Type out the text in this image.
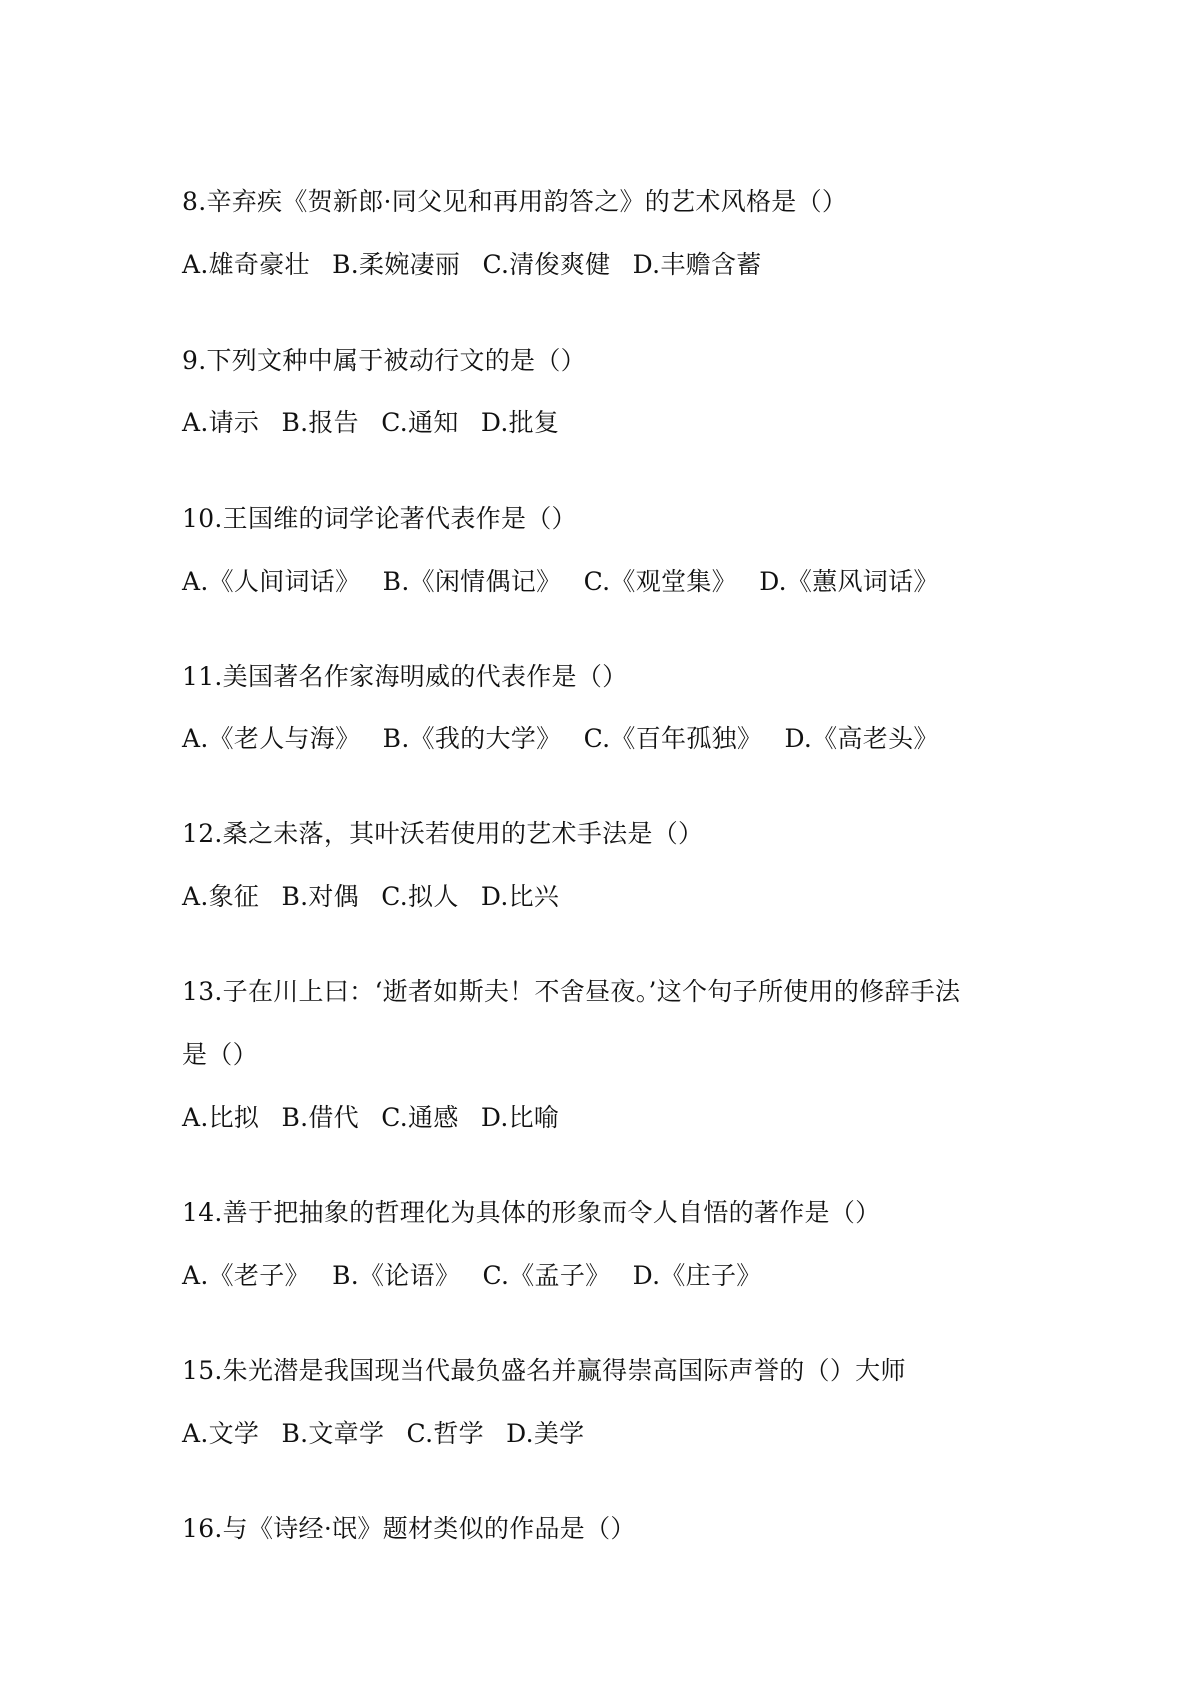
8.辛弃疾《贺新郎·同父见和再用韵答之》的艺术风格是（）
A.雄奇豪壮 B.柔婉凄丽 C.清俊爽健 D.丰赡含蓄
9.下列文种中属于被动行文的是（）
A.请示 B.报告 C.通知 D.批复
10.王国维的词学论著代表作是（）
A.《人间词话》 B.《闲情偶记》 C.《观堂集》 D.《蕙风词话》
11.美国著名作家海明威的代表作是（）
A.《老人与海》 B.《我的大学》 C.《百年孤独》 D.《高老头》
12.桑之未落，其叶沃若使用的艺术手法是（）
A.象征 B.对偶 C.拟人 D.比兴
13.子在川上曰：‘逝者如斯夫！不舍昼夜。’这个句子所使用的修辞手法
是（）
A.比拟 B.借代 C.通感 D.比喻
14.善于把抽象的哲理化为具体的形象而令人自悟的著作是（）
A.《老子》 B.《论语》 C.《孟子》 D.《庄子》
15.朱光潜是我国现当代最负盛名并赢得崇高国际声誉的（）大师
A.文学 B.文章学 C.哲学 D.美学
16.与《诗经·氓》题材类似的作品是（）
